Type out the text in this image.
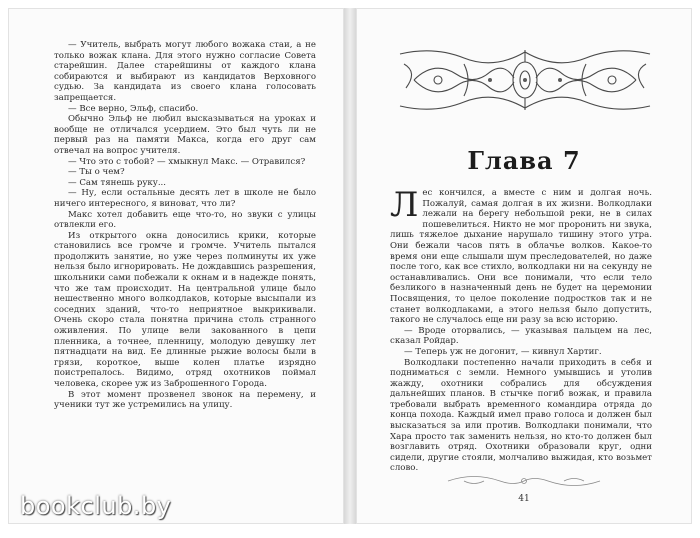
— Учитель, выбрать могут любого вожака стаи, а не только вожак клана. Для этого нужно согласие Совета старейшин. Далее старейшины от каждого клана собираются и выбирают из кандидатов Верховного судью. За кандидата из своего клана голосовать запрещается.

— Все верно, Эльф, спасибо.

Обычно Эльф не любил высказываться на уроках и вообще не отличался усердием. Это был чуть ли не первый раз на памяти Макса, когда его друг сам отвечал на вопрос учителя.

— Что это с тобой? — хмыкнул Макс. — Отравился?

— Ты о чем?

— Сам тянешь руку...

— Ну, если остальные десять лет в школе не было ничего интересного, я виноват, что ли?

Макс хотел добавить еще что-то, но звуки с улицы отвлекли его.

Из открытого окна доносились крики, которые становились все громче и громче. Учитель пытался продолжить занятие, но уже через полминуты их уже нельзя было игнорировать. Не дождавшись разрешения, школьники сами побежали к окнам и в надежде понять, что же там происходит. На центральной улице было нешественно много волкодлаков, которые высыпали из соседних зданий, что-то неприятное выкрикивали. Очень скоро стала понятна причина столь странного оживления. По улице вели закованного в цепи пленника, а точнее, пленницу, молодую девушку лет пятнадцати на вид. Ее длинные рыжие волосы были в грязи, короткое, выше колен платье изрядно поистрепалось. Видимо, отряд охотников поймал человека, скорее уж из Заброшенного Города.

В этот момент прозвенел звонок на перемену, и ученики тут же устремились на улицу.

Глава 7

Лес кончился, а вместе с ним и долгая ночь. Пожалуй, самая долгая в их жизни. Волкодлаки лежали на берегу небольшой реки, не в силах пошевелиться. Никто не мог проронить ни звука, лишь тяжелое дыхание нарушало тишину этого утра. Они бежали часов пять в облачье волков. Какое-то время они еще слышали шум преследователей, но даже после того, как все стихло, волкодлаки ни на секунду не останавливались. Они все понимали, что если тело безликого в назначенный день не будет на церемонии Посвящения, то целое поколение подростков так и не станет волкодлаками, а этого нельзя было допустить, такого не случалось еще ни разу за всю историю.

— Вроде оторвались, — указывая пальцем на лес, сказал Ройдар.

— Теперь уж не догонит, — кивнул Хартиг.

Волкодлаки постепенно начали приходить в себя и подниматься с земли. Немного умывшись и утолив жажду, охотники собрались для обсуждения дальнейших планов. В стычке погиб вожак, и правила требовали выбрать временного командира отряда до конца похода. Каждый имел право голоса и должен был высказаться за или против. Волкодлаки понимали, что Хара просто так заменить нельзя, но кто-то должен был возглавить отряд. Охотники образовали круг, одни сидели, другие стояли, молчаливо выжидая, кто возьмет слово.

41
bookclub.by
